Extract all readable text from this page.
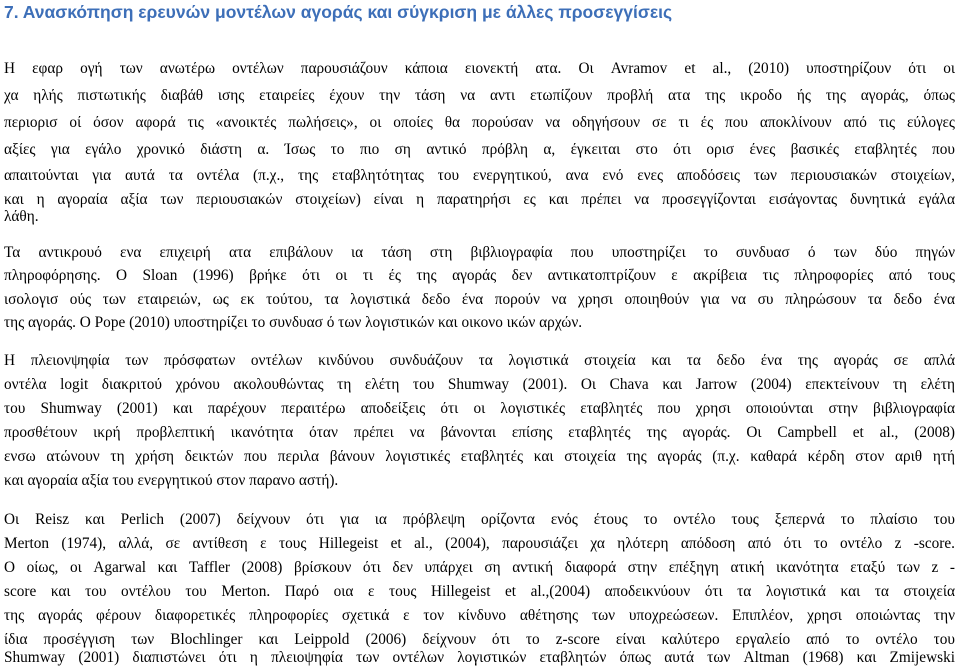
7. Ανασκόπηση ερευνών μοντέλων αγοράς και σύγκριση με άλλες προσεγγίσεις
Η εφαρ ογή των ανωτέρω οντέλων παρουσιάζουν κάποια ειονεκτή ατα. Οι Avramov et al., (2010) υποστηρίζουν ότι οι
χα ηλής πιστωτικής διαβάθ ισης εταιρείες έχουν την τάση να αντι ετωπίζουν προβλή ατα της ικροδο ής της αγοράς, όπως
περιορισ οί όσον αφορά τις «ανοικτές πωλήσεις», οι οποίες θα πορούσαν να οδηγήσουν σε τι ές που αποκλίνουν από τις εύλογες
αξίες για εγάλο χρονικό διάστη α. Ίσως το πιο ση αντικό πρόβλη α, έγκειται στο ότι ορισ ένες βασικές εταβλητές που
απαιτούνται για αυτά τα οντέλα (π.χ., της εταβλητότητας του ενεργητικού, ανα ενό ενες αποδόσεις των περιουσιακών στοιχείων,
και η αγοραία αξία των περιουσιακών στοιχείων) είναι η παρατηρήσι ες και πρέπει να προσεγγίζονται εισάγοντας δυνητικά εγάλα
λάθη.
Τα αντικρουό ενα επιχειρή ατα επιβάλουν ια τάση στη βιβλιογραφία που υποστηρίζει το συνδυασ ό των δύο πηγών
πληροφόρησης. Ο Sloan (1996) βρήκε ότι οι τι ές της αγοράς δεν αντικατοπτρίζουν ε ακρίβεια τις πληροφορίες από τους
ισολογισ ούς των εταιρειών, ως εκ τούτου, τα λογιστικά δεδο ένα πορούν να χρησι οποιηθούν για να συ πληρώσουν τα δεδο ένα
της αγοράς. Ο Pope (2010) υποστηρίζει το συνδυασ ό των λογιστικών και οικονο ικών αρχών.
Η πλειονψηφία των πρόσφατων οντέλων κινδύνου συνδυάζουν τα λογιστικά στοιχεία και τα δεδο ένα της αγοράς σε απλά
οντέλα logit διακριτού χρόνου ακολουθώντας τη ελέτη του Shumway (2001). Οι Chava και Jarrow (2004) επεκτείνουν τη ελέτη
του Shumway (2001) και παρέχουν περαιτέρω αποδείξεις ότι οι λογιστικές εταβλητές που χρησι οποιούνται στην βιβλιογραφία
προσθέτουν ικρή προβλεπτική ικανότητα όταν πρέπει να βάνονται επίσης εταβλητές της αγοράς. Οι Campbell et al., (2008)
ενσω ατώνουν τη χρήση δεικτών που περιλα βάνουν λογιστικές εταβλητές και στοιχεία της αγοράς (π.χ. καθαρά κέρδη στον αριθ ητή
και αγοραία αξία του ενεργητικού στον παρανο αστή).
Οι Reisz και Perlich (2007) δείχνουν ότι για ια πρόβλεψη ορίζοντα ενός έτους το οντέλο τους ξεπερνά το πλαίσιο του
Merton (1974), αλλά, σε αντίθεση ε τους Hillegeist et al., (2004), παρουσιάζει χα ηλότερη απόδοση από ότι το οντέλο z -score.
Ο οίως, οι Agarwal και Taffler (2008) βρίσκουν ότι δεν υπάρχει ση αντική διαφορά στην επέξηγη ατική ικανότητα εταξύ των z -
score και του οντέλου του Merton. Παρό οια ε τους Hillegeist et al.,(2004) αποδεικνύουν ότι τα λογιστικά και τα στοιχεία
της αγοράς φέρουν διαφορετικές πληροφορίες σχετικά ε τον κίνδυνο αθέτησης των υποχρεώσεων. Επιπλέον, χρησι οποιώντας την
ίδια προσέγγιση των Blochlinger και Leippold (2006) δείχνουν ότι το z-score είναι καλύτερο εργαλείο από το οντέλο του
Shumway (2001) διαπιστώνει ότι η πλειοψηφία των οντέλων λογιστικών εταβλητών όπως αυτά των Altman (1968) και Zmijewski
